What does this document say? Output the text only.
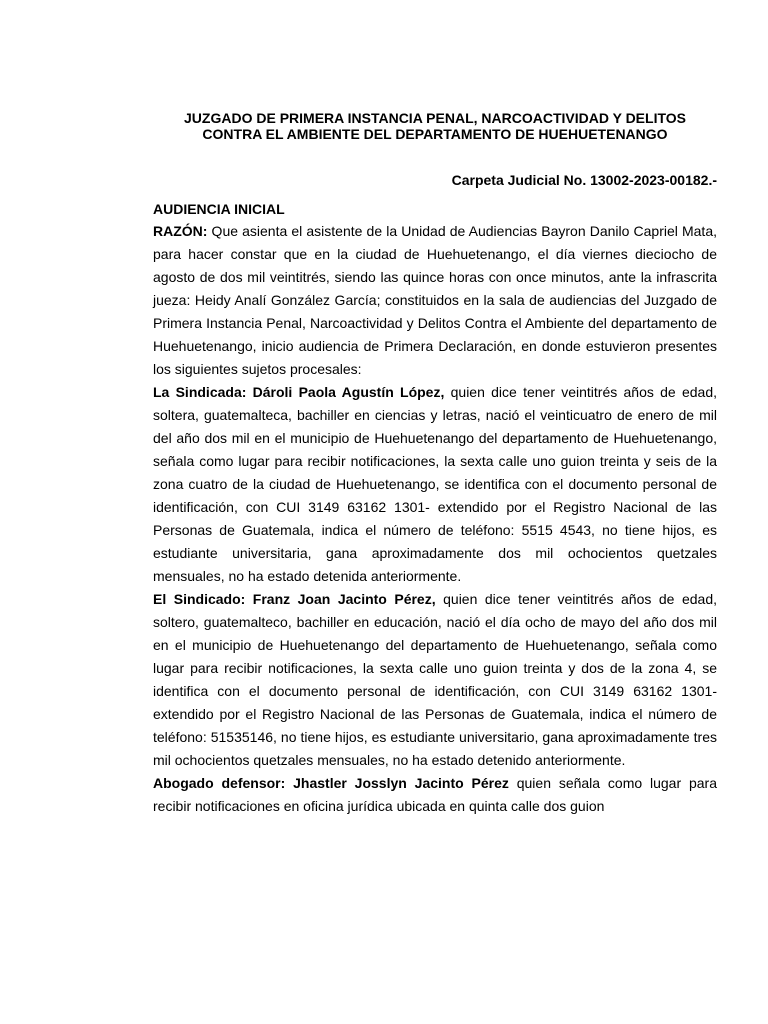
JUZGADO DE PRIMERA INSTANCIA PENAL, NARCOACTIVIDAD Y DELITOS
CONTRA EL AMBIENTE DEL DEPARTAMENTO DE HUEHUETENANGO
Carpeta Judicial No. 13002-2023-00182.-
AUDIENCIA INICIAL

RAZÓN: Que asienta el asistente de la Unidad de Audiencias Bayron Danilo Capriel Mata, para hacer constar que en la ciudad de Huehuetenango, el día viernes dieciocho de agosto de dos mil veintitrés, siendo las quince horas con once minutos, ante la infrascrita jueza: Heidy Analí González García; constituidos en la sala de audiencias del Juzgado de Primera Instancia Penal, Narcoactividad y Delitos Contra el Ambiente del departamento de Huehuetenango, inicio audiencia de Primera Declaración, en donde estuvieron presentes los siguientes sujetos procesales:

La Sindicada: Dároli Paola Agustín López, quien dice tener veintitrés años de edad, soltera, guatemalteca, bachiller en ciencias y letras, nació el veinticuatro de enero de mil del año dos mil en el municipio de Huehuetenango del departamento de Huehuetenango, señala como lugar para recibir notificaciones, la sexta calle uno guion treinta y seis de la zona cuatro de la ciudad de Huehuetenango, se identifica con el documento personal de identificación, con CUI 3149 63162 1301- extendido por el Registro Nacional de las Personas de Guatemala, indica el número de teléfono: 5515 4543, no tiene hijos, es estudiante universitaria, gana aproximadamente dos mil ochocientos quetzales mensuales, no ha estado detenida anteriormente.

El Sindicado: Franz Joan Jacinto Pérez, quien dice tener veintitrés años de edad, soltero, guatemalteco, bachiller en educación, nació el día ocho de mayo del año dos mil en el municipio de Huehuetenango del departamento de Huehuetenango, señala como lugar para recibir notificaciones, la sexta calle uno guion treinta y dos de la zona 4, se identifica con el documento personal de identificación, con CUI 3149 63162 1301- extendido por el Registro Nacional de las Personas de Guatemala, indica el número de teléfono: 51535146, no tiene hijos, es estudiante universitario, gana aproximadamente tres mil ochocientos quetzales mensuales, no ha estado detenido anteriormente.

Abogado defensor: Jhastler Josslyn Jacinto Pérez quien señala como lugar para recibir notificaciones en oficina jurídica ubicada en quinta calle dos guion
